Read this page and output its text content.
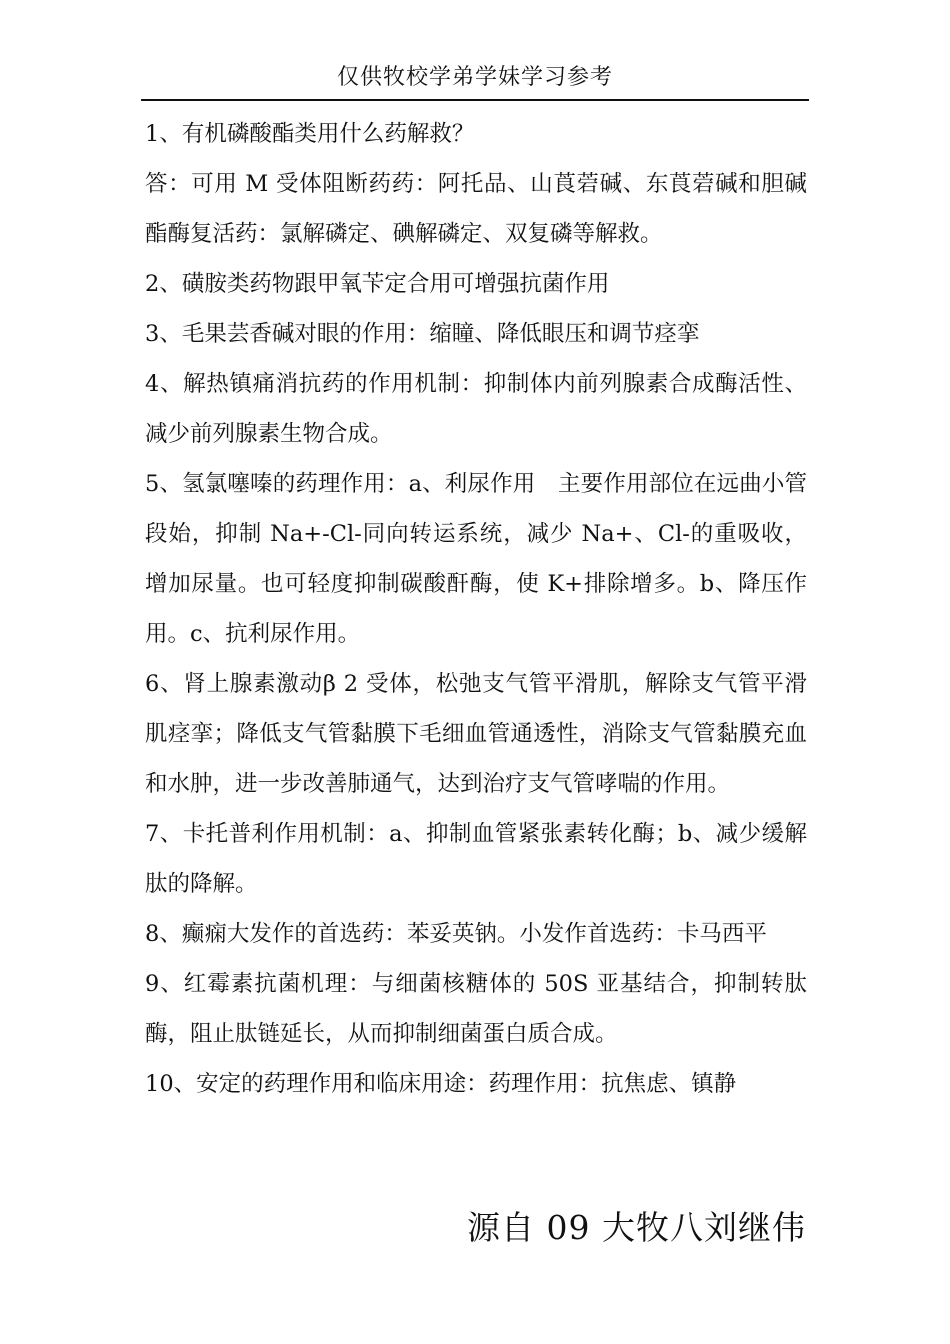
仅供牧校学弟学妹学习参考

1、有机磷酸酯类用什么药解救？

答：可用 M 受体阻断药药：阿托品、山莨菪碱、东莨菪碱和胆碱酯酶复活药：氯解磷定、碘解磷定、双复磷等解救。

2、磺胺类药物跟甲氧苄定合用可增强抗菌作用

3、毛果芸香碱对眼的作用：缩瞳、降低眼压和调节痉挛

4、解热镇痛消抗药的作用机制：抑制体内前列腺素合成酶活性、减少前列腺素生物合成。

5、氢氯噻嗪的药理作用：a、利尿作用　主要作用部位在远曲小管段始，抑制 Na+-Cl-同向转运系统，减少 Na+、Cl-的重吸收，增加尿量。也可轻度抑制碳酸酐酶，使 K+排除增多。b、降压作用。c、抗利尿作用。

6、肾上腺素激动β 2 受体，松弛支气管平滑肌，解除支气管平滑肌痉挛；降低支气管黏膜下毛细血管通透性，消除支气管黏膜充血和水肿，进一步改善肺通气，达到治疗支气管哮喘的作用。

7、卡托普利作用机制：a、抑制血管紧张素转化酶；b、减少缓解肽的降解。

8、癫痫大发作的首选药：苯妥英钠。小发作首选药：卡马西平

9、红霉素抗菌机理：与细菌核糖体的 50S 亚基结合，抑制转肽酶，阻止肽链延长，从而抑制细菌蛋白质合成。

10、安定的药理作用和临床用途：药理作用：抗焦虑、镇静

源自 09 大牧八刘继伟
